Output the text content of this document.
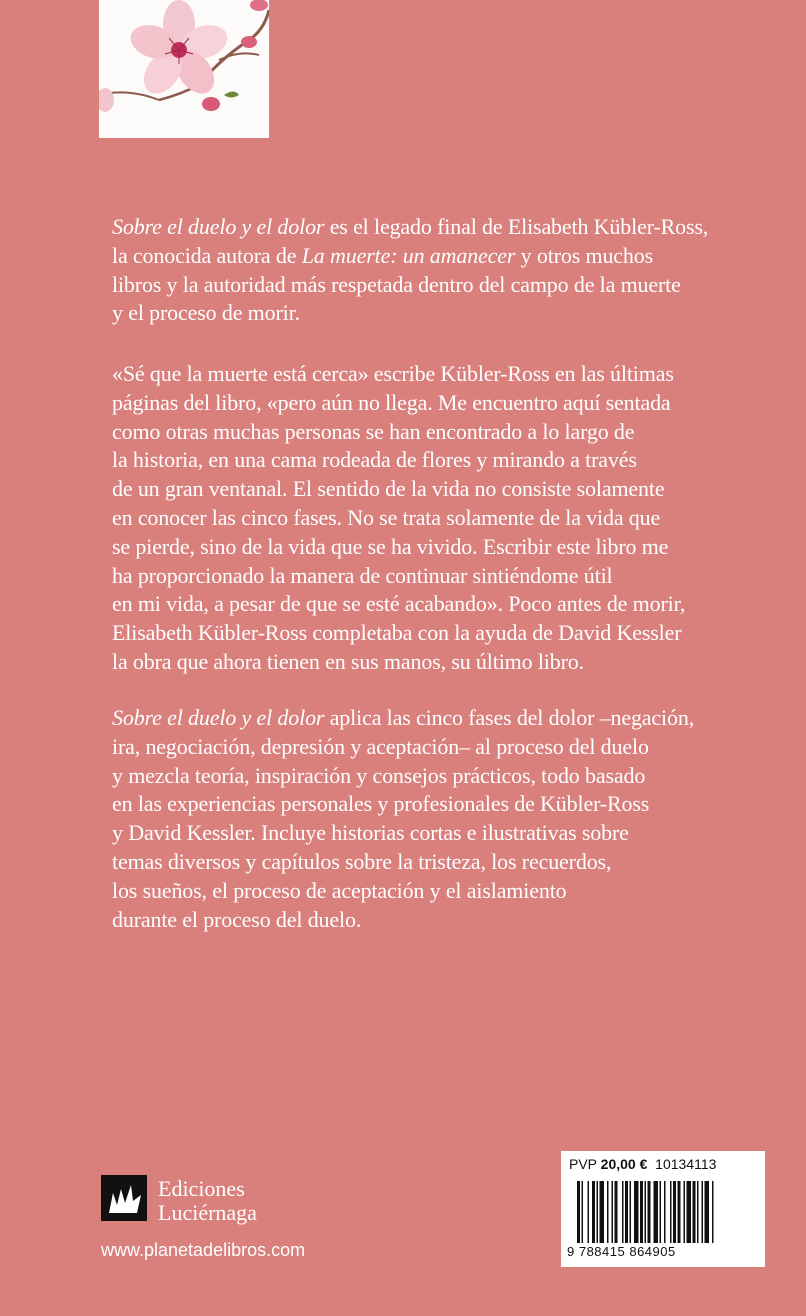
Sobre el duelo y el dolor es el legado final de Elisabeth Kübler-Ross,
la conocida autora de La muerte: un amanecer y otros muchos
libros y la autoridad más respetada dentro del campo de la muerte
y el proceso de morir.

«Sé que la muerte está cerca» escribe Kübler-Ross en las últimas
páginas del libro, «pero aún no llega. Me encuentro aquí sentada
como otras muchas personas se han encontrado a lo largo de
la historia, en una cama rodeada de flores y mirando a través
de un gran ventanal. El sentido de la vida no consiste solamente
en conocer las cinco fases. No se trata solamente de la vida que
se pierde, sino de la vida que se ha vivido. Escribir este libro me
ha proporcionado la manera de continuar sintiéndome útil
en mi vida, a pesar de que se esté acabando». Poco antes de morir,
Elisabeth Kübler-Ross completaba con la ayuda de David Kessler
la obra que ahora tienen en sus manos, su último libro.

Sobre el duelo y el dolor aplica las cinco fases del dolor –negación,
ira, negociación, depresión y aceptación– al proceso del duelo
y mezcla teoría, inspiración y consejos prácticos, todo basado
en las experiencias personales y profesionales de Kübler-Ross
y David Kessler. Incluye historias cortas e ilustrativas sobre
temas diversos y capítulos sobre la tristeza, los recuerdos,
los sueños, el proceso de aceptación y el aislamiento
durante el proceso del duelo.

Ediciones
Luciérnaga
www.planetadelibros.com
PVP 20,00 € 10134113
9 788415 864905
